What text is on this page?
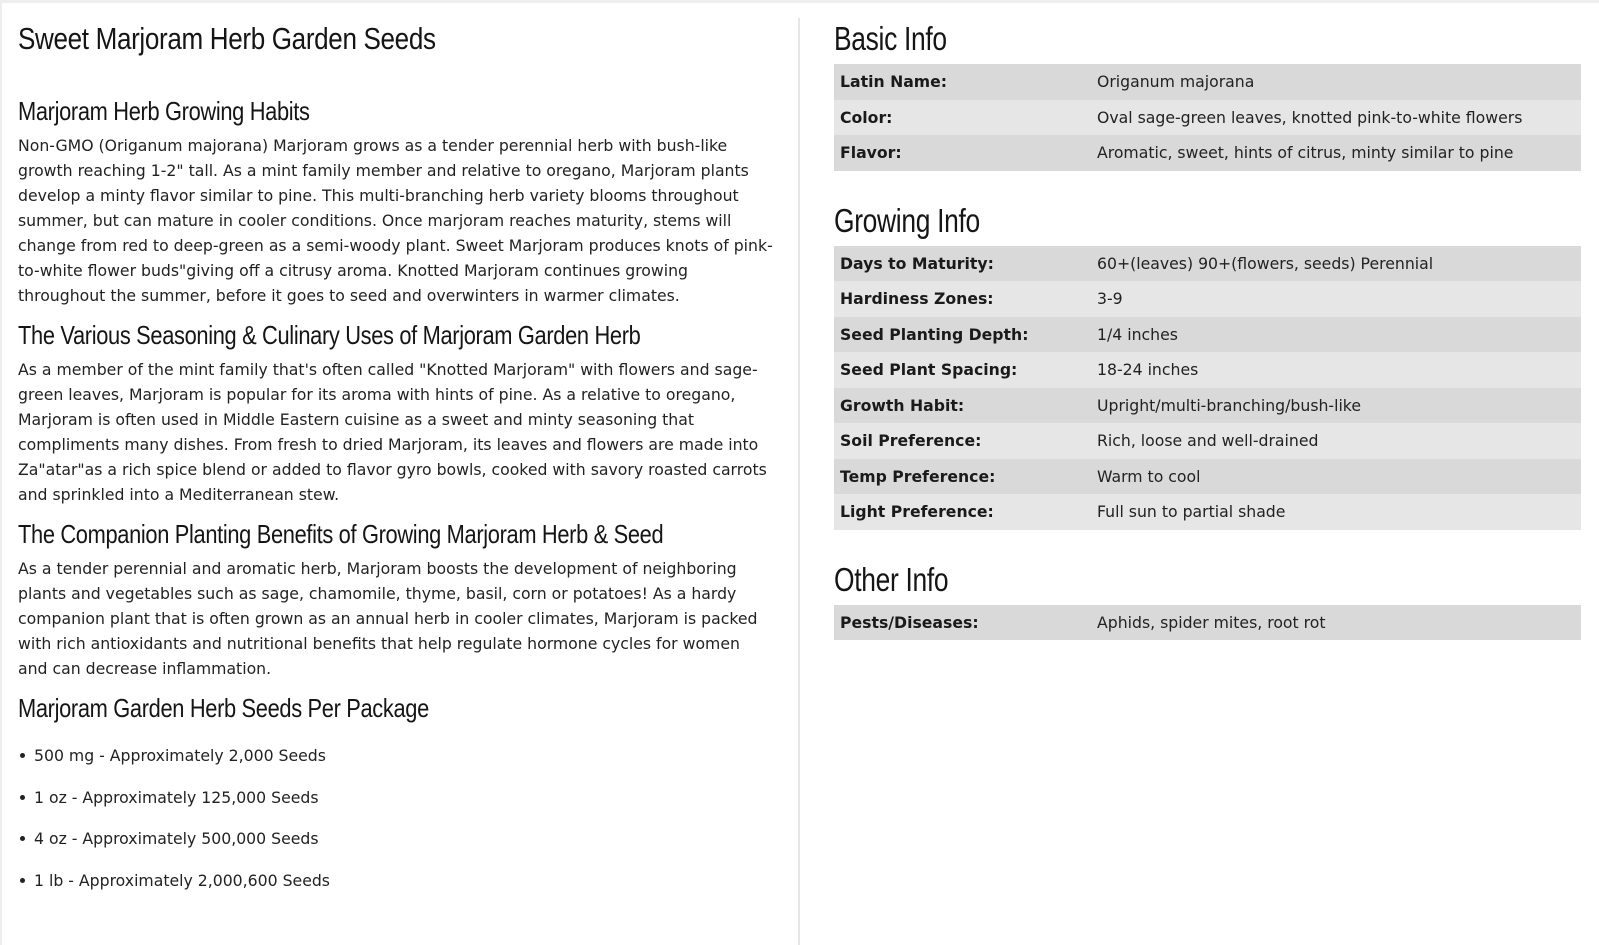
Sweet Marjoram Herb Garden Seeds
Marjoram Herb Growing Habits

Non-GMO (Origanum majorana) Marjoram grows as a tender perennial herb with bush-like growth reaching 1-2" tall. As a mint family member and relative to oregano, Marjoram plants develop a minty flavor similar to pine. This multi-branching herb variety blooms throughout summer, but can mature in cooler conditions. Once marjoram reaches maturity, stems will change from red to deep-green as a semi-woody plant. Sweet Marjoram produces knots of pink-to-white flower buds"giving off a citrusy aroma. Knotted Marjoram continues growing throughout the summer, before it goes to seed and overwinters in warmer climates.

The Various Seasoning & Culinary Uses of Marjoram Garden Herb

As a member of the mint family that's often called "Knotted Marjoram" with flowers and sage-green leaves, Marjoram is popular for its aroma with hints of pine. As a relative to oregano, Marjoram is often used in Middle Eastern cuisine as a sweet and minty seasoning that compliments many dishes. From fresh to dried Marjoram, its leaves and flowers are made into Za"atar"as a rich spice blend or added to flavor gyro bowls, cooked with savory roasted carrots and sprinkled into a Mediterranean stew.

The Companion Planting Benefits of Growing Marjoram Herb & Seed

As a tender perennial and aromatic herb, Marjoram boosts the development of neighboring plants and vegetables such as sage, chamomile, thyme, basil, corn or potatoes! As a hardy companion plant that is often grown as an annual herb in cooler climates, Marjoram is packed with rich antioxidants and nutritional benefits that help regulate hormone cycles for women and can decrease inflammation.

Marjoram Garden Herb Seeds Per Package
500 mg - Approximately 2,000 Seeds
1 oz - Approximately 125,000 Seeds
4 oz - Approximately 500,000 Seeds
1 lb - Approximately 2,000,600 Seeds
Basic Info
Latin Name:	Origanum majorana
Color:	Oval sage-green leaves, knotted pink-to-white flowers
Flavor:	Aromatic, sweet, hints of citrus, minty similar to pine
Growing Info
Days to Maturity:	60+(leaves) 90+(flowers, seeds) Perennial
Hardiness Zones:	3-9
Seed Planting Depth:	1/4 inches
Seed Plant Spacing:	18-24 inches
Growth Habit:	Upright/multi-branching/bush-like
Soil Preference:	Rich, loose and well-drained
Temp Preference:	Warm to cool
Light Preference:	Full sun to partial shade
Other Info
Pests/Diseases:	Aphids, spider mites, root rot
